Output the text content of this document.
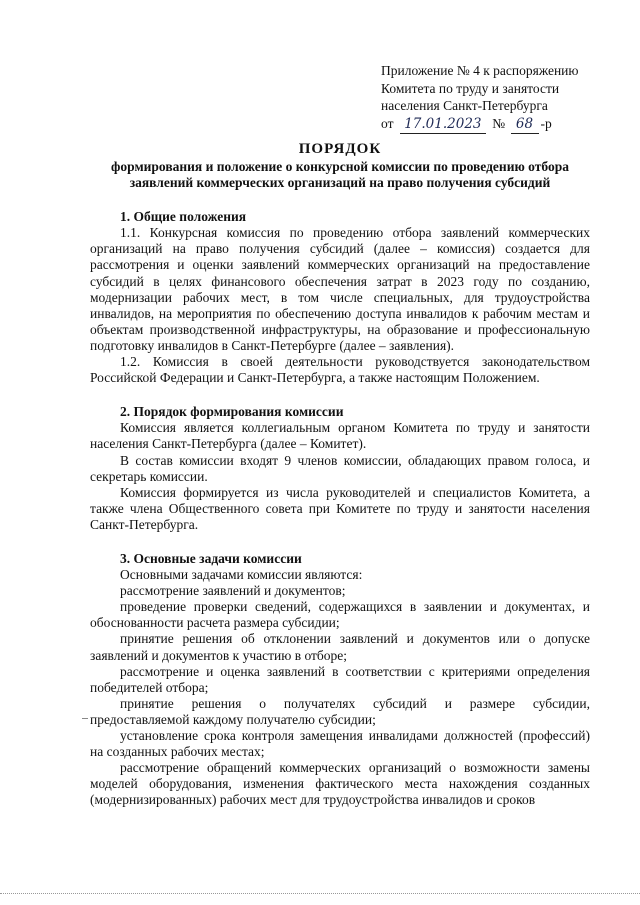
Приложение № 4 к распоряжению
Комитета по труду и занятости
населения Санкт-Петербурга
от 17.01.2023 № 68 -р
ПОРЯДОК
формирования и положение о конкурсной комиссии по проведению отбора
заявлений коммерческих организаций на право получения субсидий
1. Общие положения

1.1. Конкурсная комиссия по проведению отбора заявлений коммерческих организаций на право получения субсидий (далее – комиссия) создается для рассмотрения и оценки заявлений коммерческих организаций на предоставление субсидий в целях финансового обеспечения затрат в 2023 году по созданию, модернизации рабочих мест, в том числе специальных, для трудоустройства инвалидов, на мероприятия по обеспечению доступа инвалидов к рабочим местам и объектам производственной инфраструктуры, на образование и профессиональную подготовку инвалидов в Санкт-Петербурге (далее – заявления).

1.2. Комиссия в своей деятельности руководствуется законодательством Российской Федерации и Санкт-Петербурга, а также настоящим Положением.

2. Порядок формирования комиссии

Комиссия является коллегиальным органом Комитета по труду и занятости населения Санкт-Петербурга (далее – Комитет).

В состав комиссии входят 9 членов комиссии, обладающих правом голоса, и секретарь комиссии.

Комиссия формируется из числа руководителей и специалистов Комитета, а также члена Общественного совета при Комитете по труду и занятости населения Санкт-Петербурга.

3. Основные задачи комиссии

Основными задачами комиссии являются:

рассмотрение заявлений и документов;

проведение проверки сведений, содержащихся в заявлении и документах, и обоснованности расчета размера субсидии;

принятие решения об отклонении заявлений и документов или о допуске заявлений и документов к участию в отборе;

рассмотрение и оценка заявлений в соответствии с критериями определения победителей отбора;

принятие решения о получателях субсидий и размере субсидии, предоставляемой каждому получателю субсидии;

установление срока контроля замещения инвалидами должностей (профессий) на созданных рабочих местах;

рассмотрение обращений коммерческих организаций о возможности замены моделей оборудования, изменения фактического места нахождения созданных (модернизированных) рабочих мест для трудоустройства инвалидов и сроков
